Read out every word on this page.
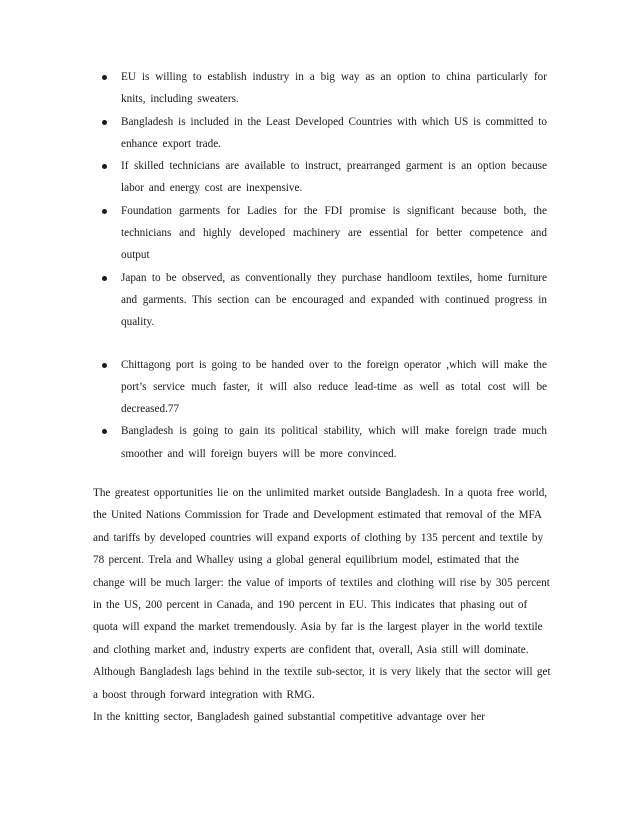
EU is willing to establish industry in a big way as an option to china particularly for knits, including sweaters.
Bangladesh is included in the Least Developed Countries with which US is committed to enhance export trade.
If skilled technicians are available to instruct, prearranged garment is an option because labor and energy cost are inexpensive.
Foundation garments for Ladies for the FDI promise is significant because both, the technicians and highly developed machinery are essential for better competence and output
Japan to be observed, as conventionally they purchase handloom textiles, home furniture and garments. This section can be encouraged and expanded with continued progress in quality.
Chittagong port is going to be handed over to the foreign operator ,which will make the port’s service much faster, it will also reduce lead-time as well as total cost will be decreased.77
Bangladesh is going to gain its political stability, which will make foreign trade much smoother and will foreign buyers will be more convinced.

The greatest opportunities lie on the unlimited market outside Bangladesh. In a quota free world, the United Nations Commission for Trade and Development estimated that removal of the MFA and tariffs by developed countries will expand exports of clothing by 135 percent and textile by 78 percent. Trela and Whalley using a global general equilibrium model, estimated that the change will be much larger: the value of imports of textiles and clothing will rise by 305 percent in the US, 200 percent in Canada, and 190 percent in EU. This indicates that phasing out of quota will expand the market tremendously. Asia by far is the largest player in the world textile and clothing market and, industry experts are confident that, overall, Asia still will dominate.

Although Bangladesh lags behind in the textile sub-sector, it is very likely that the sector will get a boost through forward integration with RMG.

In the knitting sector, Bangladesh gained substantial competitive advantage over her
